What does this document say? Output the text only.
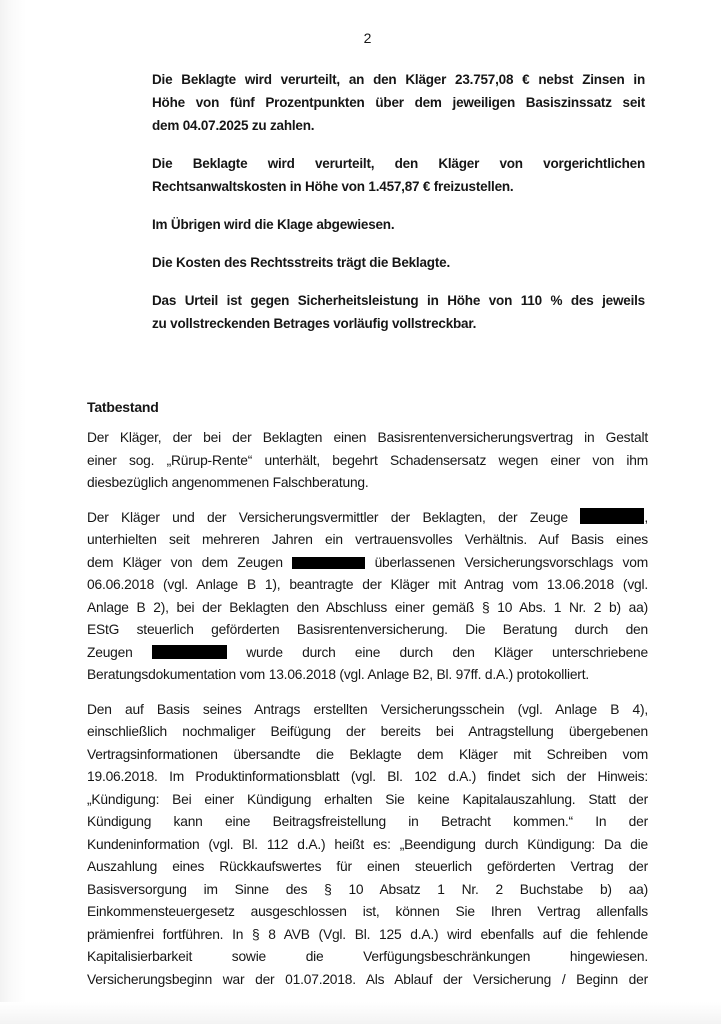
2
Die Beklagte wird verurteilt, an den Kläger 23.757,08 € nebst Zinsen in
Höhe von fünf Prozentpunkten über dem jeweiligen Basiszinssatz seit
dem 04.07.2025 zu zahlen.
Die Beklagte wird verurteilt, den Kläger von vorgerichtlichen
Rechtsanwaltskosten in Höhe von 1.457,87 € freizustellen.
Im Übrigen wird die Klage abgewiesen.
Die Kosten des Rechtsstreits trägt die Beklagte.
Das Urteil ist gegen Sicherheitsleistung in Höhe von 110 % des jeweils
zu vollstreckenden Betrages vorläufig vollstreckbar.
Tatbestand
Der Kläger, der bei der Beklagten einen Basisrentenversicherungsvertrag in Gestalt
einer sog. „Rürup-Rente“ unterhält, begehrt Schadensersatz wegen einer von ihm
diesbezüglich angenommenen Falschberatung.
Der Kläger und der Versicherungsvermittler der Beklagten, der Zeuge	,
unterhielten seit mehreren Jahren ein vertrauensvolles Verhältnis. Auf Basis eines
dem Kläger von dem Zeugen	überlassenen Versicherungsvorschlags vom
06.06.2018 (vgl. Anlage B 1), beantragte der Kläger mit Antrag vom 13.06.2018 (vgl.
Anlage B 2), bei der Beklagten den Abschluss einer gemäß § 10 Abs. 1 Nr. 2 b) aa)
EStG steuerlich geförderten Basisrentenversicherung. Die Beratung durch den
Zeugen	wurde durch eine durch den Kläger unterschriebene
Beratungsdokumentation vom 13.06.2018 (vgl. Anlage B2, Bl. 97ff. d.A.) protokolliert.
Den auf Basis seines Antrags erstellten Versicherungsschein (vgl. Anlage B 4),
einschließlich nochmaliger Beifügung der bereits bei Antragstellung übergebenen
Vertragsinformationen übersandte die Beklagte dem Kläger mit Schreiben vom
19.06.2018. Im Produktinformationsblatt (vgl. Bl. 102 d.A.) findet sich der Hinweis:
„Kündigung: Bei einer Kündigung erhalten Sie keine Kapitalauszahlung. Statt der
Kündigung kann eine Beitragsfreistellung in Betracht kommen.“ In der
Kundeninformation (vgl. Bl. 112 d.A.) heißt es: „Beendigung durch Kündigung: Da die
Auszahlung eines Rückkaufswertes für einen steuerlich geförderten Vertrag der
Basisversorgung im Sinne des § 10 Absatz 1 Nr. 2 Buchstabe b) aa)
Einkommensteuergesetz ausgeschlossen ist, können Sie Ihren Vertrag allenfalls
prämienfrei fortführen. In § 8 AVB (Vgl. Bl. 125 d.A.) wird ebenfalls auf die fehlende
Kapitalisierbarkeit sowie die Verfügungsbeschränkungen hingewiesen.
Versicherungsbeginn war der 01.07.2018. Als Ablauf der Versicherung / Beginn der
